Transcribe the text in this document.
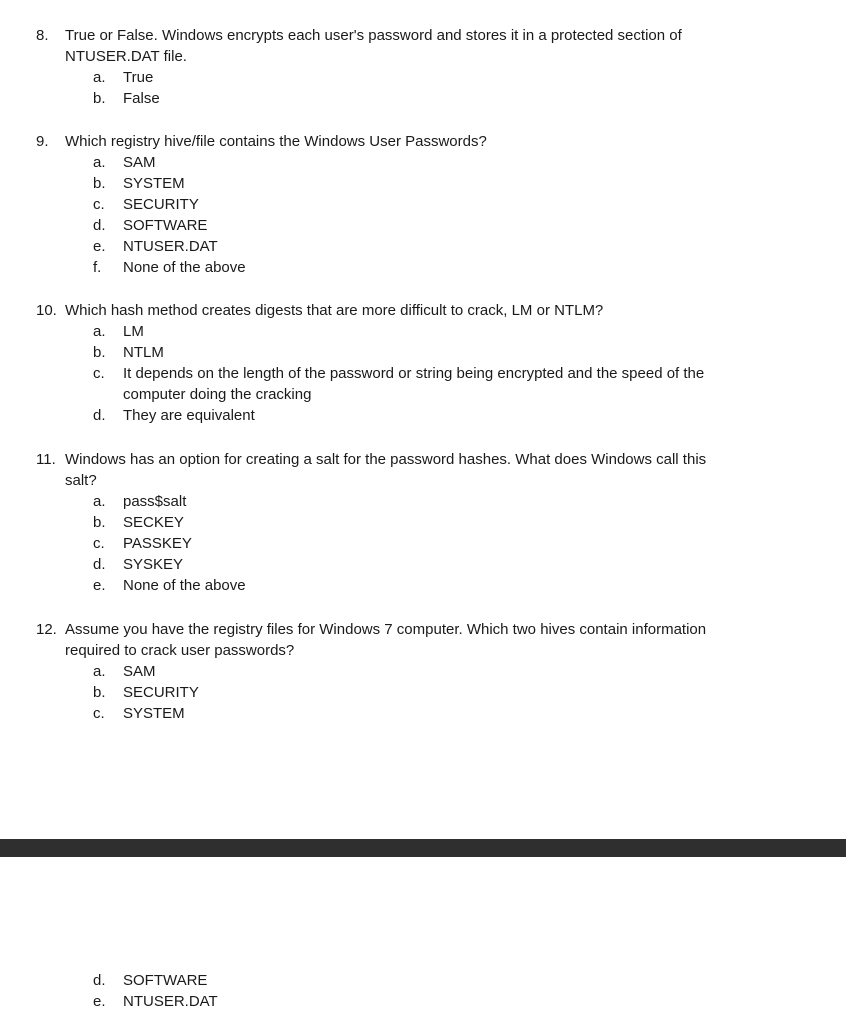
8. True or False. Windows encrypts each user's password and stores it in a protected section of
NTUSER.DAT file.
a. True
b. False
9. Which registry hive/file contains the Windows User Passwords?
a. SAM
b. SYSTEM
c. SECURITY
d. SOFTWARE
e. NTUSER.DAT
f. None of the above
10. Which hash method creates digests that are more difficult to crack, LM or NTLM?
a. LM
b. NTLM
c. It depends on the length of the password or string being encrypted and the speed of the
computer doing the cracking
d. They are equivalent
11. Windows has an option for creating a salt for the password hashes. What does Windows call this
salt?
a. pass$salt
b. SECKEY
c. PASSKEY
d. SYSKEY
e. None of the above
12. Assume you have the registry files for Windows 7 computer. Which two hives contain information
required to crack user passwords?
a. SAM
b. SECURITY
c. SYSTEM
d. SOFTWARE
e. NTUSER.DAT
